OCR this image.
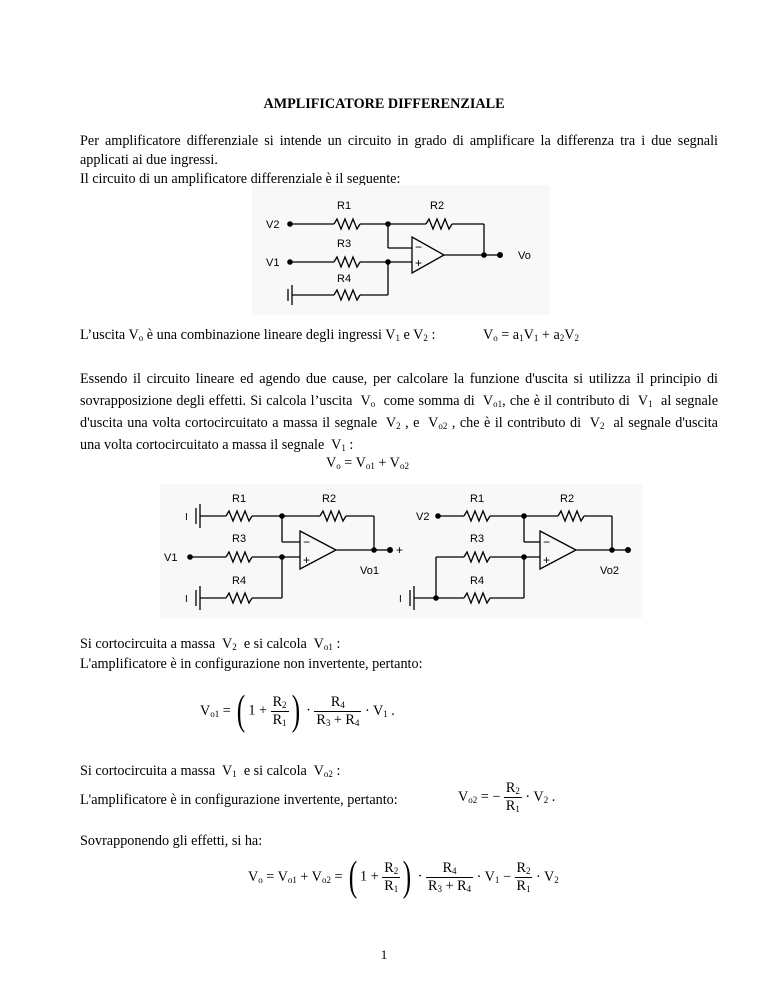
AMPLIFICATORE DIFFERENZIALE
Per amplificatore differenziale si intende un circuito in grado di amplificare la differenza tra i due segnali applicati ai due ingressi.
Il circuito di un amplificatore differenziale è il seguente:
V2
V1
R1	R2
R3
R4
Vo
−
+
L’uscita $V_o$ è una combinazione lineare degli ingressi $V_1$ e $V_2$ :	$V_o = a_1V_1 + a_2V_2$
Essendo il circuito lineare ed agendo due cause, per calcolare la funzione d'uscita si utilizza il principio di sovrapposizione degli effetti. Si calcola l’uscita  $V_o$  come somma di  $V_{o1}$, che è il contributo di  $V_1$  al segnale d'uscita una volta cortocircuitato a massa il segnale  $V_2$ , e  $V_{o2}$ , che è il contributo di  $V_2$  al segnale d'uscita una volta cortocircuitato a massa il segnale  $V_1$ :
$V_o = V_{o1} + V_{o2}$
I
I
V1
R1	R2
R3
R4
−
+
Vo1
+
I
V2
R1	R2
R3
R4
−
+
Vo2
Si cortocircuita a massa  $V_2$  e si calcola  $V_{o1}$ :
L'amplificatore è in configurazione non invertente, pertanto:
$V_{o1}$ = ( $1 + \frac{R_2}{R_1}$ ) · $\frac{R_4}{R_3 + R_4} \cdot V_1$ .
Si cortocircuita a massa  $V_1$  e si calcola  $V_{o2}$ :
L'amplificatore è in configurazione invertente, pertanto:	$V_{o2}$ = − $\frac{R_2}{R_1} \cdot V_2$ .
Sovrapponendo gli effetti, si ha:
$V_o = V_{o1} + V_{o2}$ = ( $1 + \frac{R_2}{R_1}$ ) · $\frac{R_4}{R_3 + R_4} \cdot V_1 - \frac{R_2}{R_1} \cdot V_2$
1
